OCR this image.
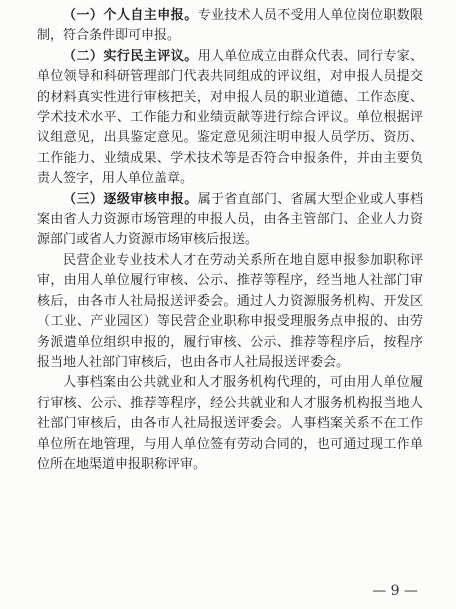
（一）个人自主申报。专业技术人员不受用人单位岗位职数限制，符合条件即可申报。

（二）实行民主评议。用人单位成立由群众代表、同行专家、单位领导和科研管理部门代表共同组成的评议组，对申报人员提交的材料真实性进行审核把关，对申报人员的职业道德、工作态度、学术技术水平、工作能力和业绩贡献等进行综合评议。单位根据评议组意见，出具鉴定意见。鉴定意见须注明申报人员学历、资历、工作能力、业绩成果、学术技术等是否符合申报条件，并由主要负责人签字，用人单位盖章。

（三）逐级审核申报。属于省直部门、省属大型企业或人事档案由省人力资源市场管理的申报人员，由各主管部门、企业人力资源部门或省人力资源市场审核后报送。

民营企业专业技术人才在劳动关系所在地自愿申报参加职称评审，由用人单位履行审核、公示、推荐等程序，经当地人社部门审核后，由各市人社局报送评委会。通过人力资源服务机构、开发区（工业、产业园区）等民营企业职称申报受理服务点申报的、由劳务派遣单位组织申报的，履行审核、公示、推荐等程序后，按程序报当地人社部门审核后，也由各市人社局报送评委会。

人事档案由公共就业和人才服务机构代理的，可由用人单位履行审核、公示、推荐等程序，经公共就业和人才服务机构报当地人社部门审核后，由各市人社局报送评委会。人事档案关系不在工作单位所在地管理，与用人单位签有劳动合同的，也可通过现工作单位所在地渠道申报职称评审。

— 9 —
